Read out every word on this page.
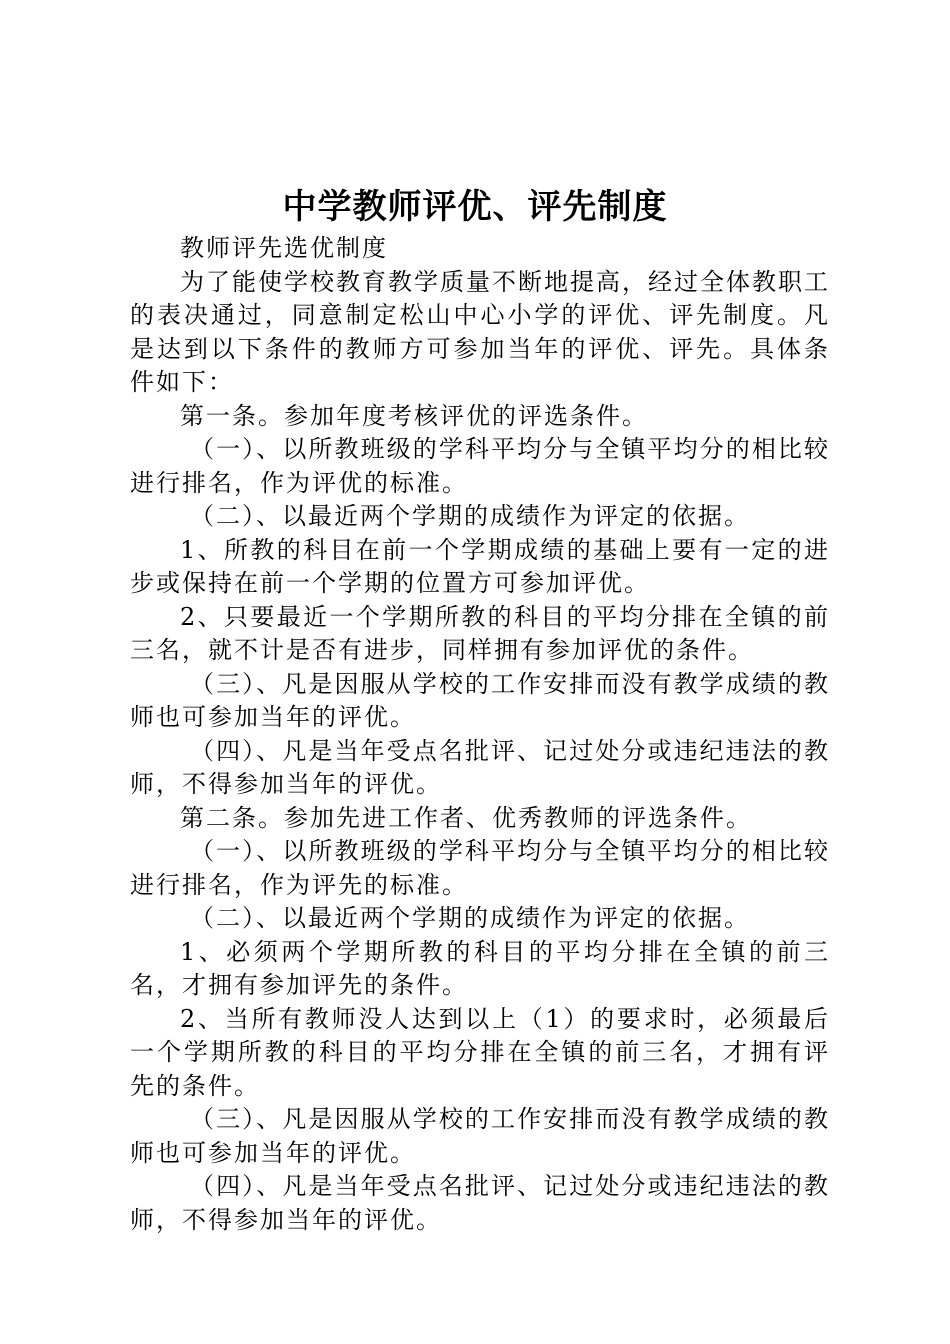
中学教师评优、评先制度

教师评先选优制度

为了能使学校教育教学质量不断地提高，经过全体教职工的表决通过，同意制定松山中心小学的评优、评先制度。凡是达到以下条件的教师方可参加当年的评优、评先。具体条件如下：

第一条。参加年度考核评优的评选条件。

（一）、以所教班级的学科平均分与全镇平均分的相比较进行排名，作为评优的标准。

（二）、以最近两个学期的成绩作为评定的依据。

1、所教的科目在前一个学期成绩的基础上要有一定的进步或保持在前一个学期的位置方可参加评优。

2、只要最近一个学期所教的科目的平均分排在全镇的前三名，就不计是否有进步，同样拥有参加评优的条件。

（三）、凡是因服从学校的工作安排而没有教学成绩的教师也可参加当年的评优。

（四）、凡是当年受点名批评、记过处分或违纪违法的教师，不得参加当年的评优。

第二条。参加先进工作者、优秀教师的评选条件。

（一）、以所教班级的学科平均分与全镇平均分的相比较进行排名，作为评先的标准。

（二）、以最近两个学期的成绩作为评定的依据。

1、必须两个学期所教的科目的平均分排在全镇的前三名，才拥有参加评先的条件。

2、当所有教师没人达到以上（1）的要求时，必须最后一个学期所教的科目的平均分排在全镇的前三名，才拥有评先的条件。

（三）、凡是因服从学校的工作安排而没有教学成绩的教师也可参加当年的评优。

（四）、凡是当年受点名批评、记过处分或违纪违法的教师，不得参加当年的评优。
